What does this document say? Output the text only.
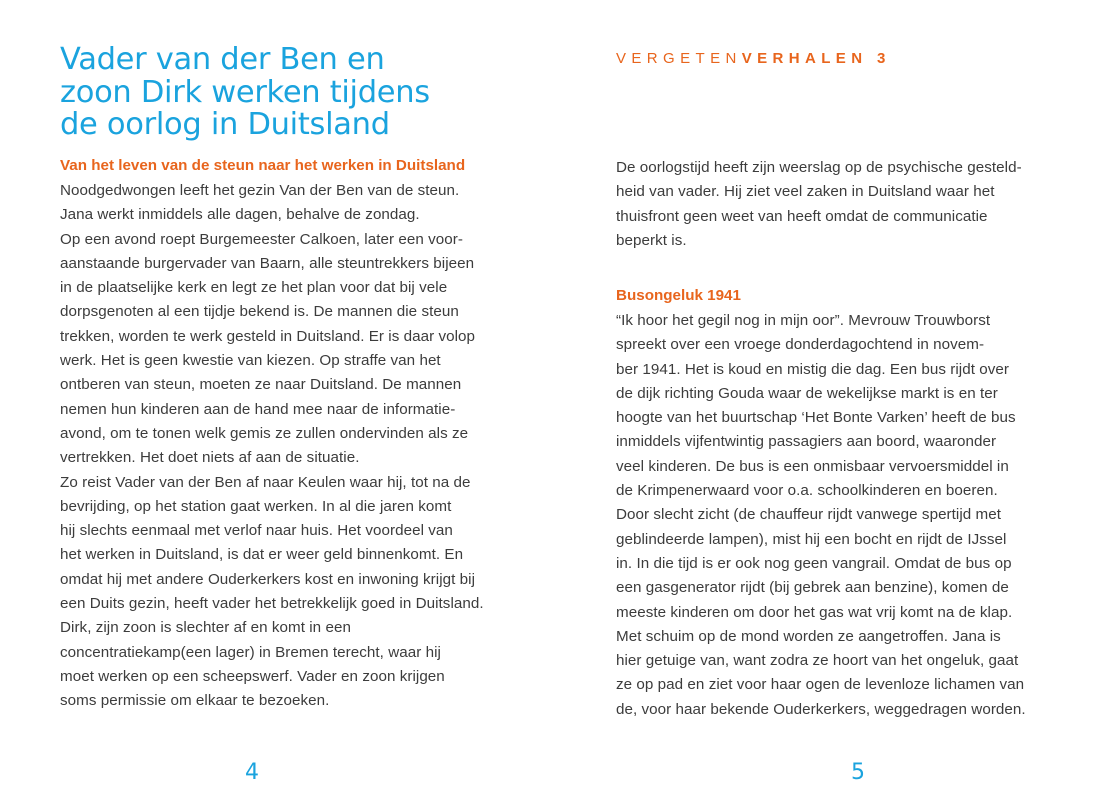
Vader van der Ben en
zoon Dirk werken tijdens
de oorlog in Duitsland
Van het leven van de steun naar het werken in Duitsland
Noodgedwongen leeft het gezin Van der Ben van de steun.
Jana werkt inmiddels alle dagen, behalve de zondag.
Op een avond roept Burgemeester Calkoen, later een voor-
aanstaande burgervader van Baarn, alle steuntrekkers bijeen
in de plaatselijke kerk en legt ze het plan voor dat bij vele
dorpsgenoten al een tijdje bekend is. De mannen die steun
trekken, worden te werk gesteld in Duitsland. Er is daar volop
werk. Het is geen kwestie van kiezen. Op straffe van het
ontberen van steun, moeten ze naar Duitsland. De mannen
nemen hun kinderen aan de hand mee naar de informatie-
avond, om te tonen welk gemis ze zullen ondervinden als ze
vertrekken. Het doet niets af aan de situatie.
Zo reist Vader van der Ben af naar Keulen waar hij, tot na de
bevrijding, op het station gaat werken. In al die jaren komt
hij slechts eenmaal met verlof naar huis. Het voordeel van
het werken in Duitsland, is dat er weer geld binnenkomt. En
omdat hij met andere Ouderkerkers kost en inwoning krijgt bij
een Duits gezin, heeft vader het betrekkelijk goed in Duitsland.
Dirk, zijn zoon is slechter af en komt in een
concentratiekamp(een lager) in Bremen terecht, waar hij
moet werken op een scheepswerf. Vader en zoon krijgen
soms permissie om elkaar te bezoeken.
4
VERGETENVERHALEN 3
De oorlogstijd heeft zijn weerslag op de psychische gesteld-
heid van vader. Hij ziet veel zaken in Duitsland waar het
thuisfront geen weet van heeft omdat de communicatie
beperkt is.
Busongeluk 1941
“Ik hoor het gegil nog in mijn oor”. Mevrouw Trouwborst
spreekt over een vroege donderdagochtend in novem-
ber 1941. Het is koud en mistig die dag. Een bus rijdt over
de dijk richting Gouda waar de wekelijkse markt is en ter
hoogte van het buurtschap ‘Het Bonte Varken’ heeft de bus
inmiddels vijfentwintig passagiers aan boord, waaronder
veel kinderen. De bus is een onmisbaar vervoersmiddel in
de Krimpenerwaard voor o.a. schoolkinderen en boeren.
Door slecht zicht (de chauffeur rijdt vanwege spertijd met
geblindeerde lampen), mist hij een bocht en rijdt de IJssel
in. In die tijd is er ook nog geen vangrail. Omdat de bus op
een gasgenerator rijdt (bij gebrek aan benzine), komen de
meeste kinderen om door het gas wat vrij komt na de klap.
Met schuim op de mond worden ze aangetroffen. Jana is
hier getuige van, want zodra ze hoort van het ongeluk, gaat
ze op pad en ziet voor haar ogen de levenloze lichamen van
de, voor haar bekende Ouderkerkers, weggedragen worden.
5
